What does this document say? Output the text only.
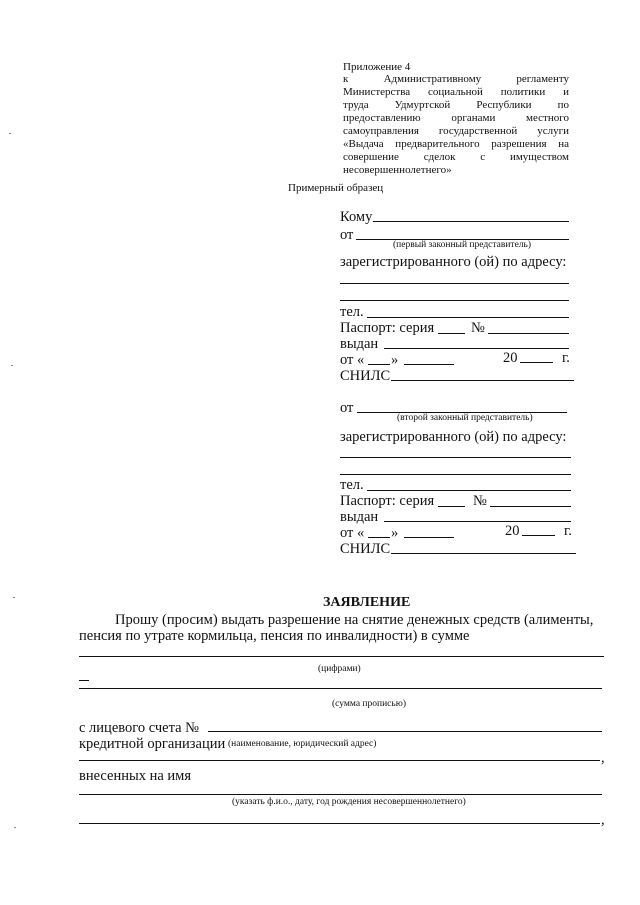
Приложение 4
к Административному регламенту
Министерства социальной политики и
труда Удмуртской Республики по
предоставлению органами местного
самоуправления государственной услуги
«Выдача предварительного разрешения на
совершение сделок с имуществом
несовершеннолетнего»
Примерный образец
Кому
от
(первый законный представитель)
зарегистрированного (ой) по адресу:
тел.
Паспорт: серия	№
выдан
от « »	20	г.
СНИЛС
от
(второй законный представитель)
зарегистрированного (ой) по адресу:
тел.
Паспорт: серия	№
выдан
от « »	20	г.
СНИЛС
ЗАЯВЛЕНИЕ
Прошу (просим) выдать разрешение на снятие денежных средств (алименты,
пенсия по утрате кормильца, пенсия по инвалидности) в сумме
(цифрами)
(сумма прописью)
с лицевого счета №
кредитной организации (наименование, юридический адрес)
,
внесенных на имя
(указать ф.и.о., дату, год рождения несовершеннолетнего)
,
